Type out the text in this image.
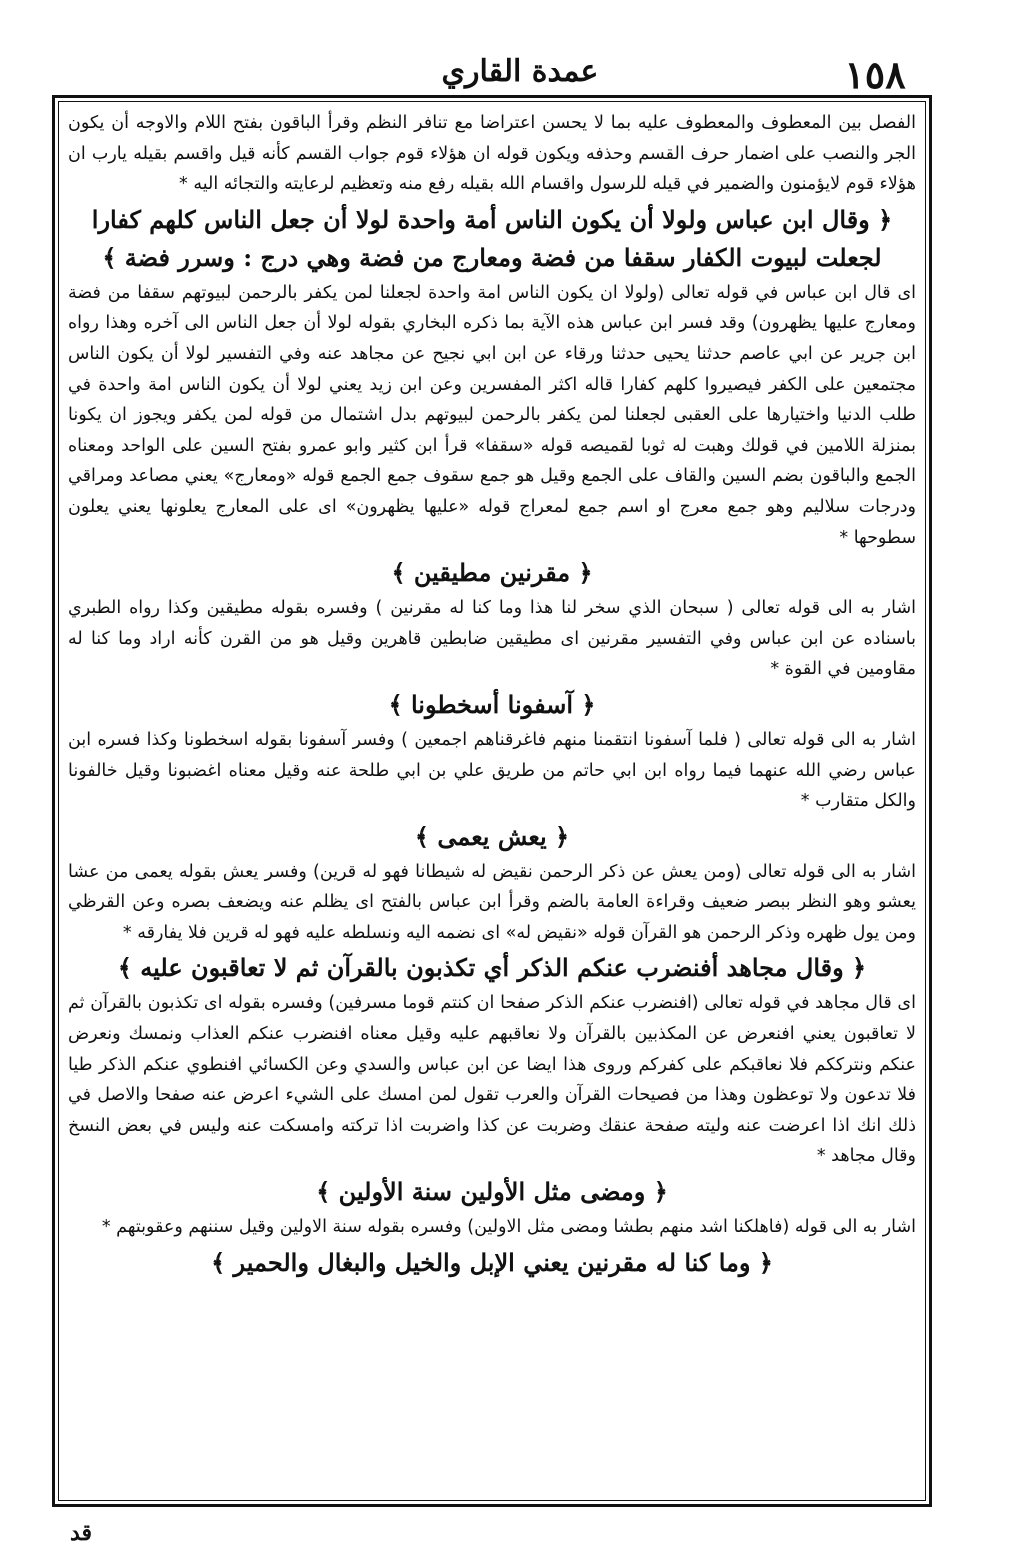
١٥٨
عمدة القاري

الفصل بين المعطوف والمعطوف عليه بما لا يحسن اعتراضا مع تنافر النظم وقرأ الباقون بفتح اللام والاوجه أن يكون الجر والنصب على اضمار حرف القسم وحذفه ويكون قوله ان هؤلاء قوم جواب القسم كأنه قيل واقسم بقيله يارب ان هؤلاء قوم لايؤمنون والضمير في قيله للرسول واقسام الله بقيله رفع منه وتعظيم لرعايته والتجائه اليه *

﴿ وقال ابن عباس ولولا أن يكون الناس أمة واحدة لولا أن جعل الناس كلهم كفارا
لجعلت لبيوت الكفار سقفا من فضة ومعارج من فضة وهي درج : وسرر فضة ﴾

اى قال ابن عباس في قوله تعالى (ولولا ان يكون الناس امة واحدة لجعلنا لمن يكفر بالرحمن لبيوتهم سقفا من فضة ومعارج عليها يظهرون) وقد فسر ابن عباس هذه الآية بما ذكره البخاري بقوله لولا أن جعل الناس الى آخره وهذا رواه ابن جرير عن ابي عاصم حدثنا يحيى حدثنا ورقاء عن ابن ابي نجيح عن مجاهد عنه وفي التفسير لولا أن يكون الناس مجتمعين على الكفر فيصيروا كلهم كفارا قاله اكثر المفسرين وعن ابن زيد يعني لولا أن يكون الناس امة واحدة في طلب الدنيا واختيارها على العقبى لجعلنا لمن يكفر بالرحمن لبيوتهم بدل اشتمال من قوله لمن يكفر ويجوز ان يكونا بمنزلة اللامين في قولك وهبت له ثوبا لقميصه قوله «سقفا» قرأ ابن كثير وابو عمرو بفتح السين على الواحد ومعناه الجمع والباقون بضم السين والقاف على الجمع وقيل هو جمع سقوف جمع الجمع قوله «ومعارج» يعني مصاعد ومراقي ودرجات سلاليم وهو جمع معرج او اسم جمع لمعراج قوله «عليها يظهرون» اى على المعارج يعلونها يعني يعلون سطوحها *

﴿ مقرنين مطيقين ﴾

اشار به الى قوله تعالى ( سبحان الذي سخر لنا هذا وما كنا له مقرنين ) وفسره بقوله مطيقين وكذا رواه الطبري باسناده عن ابن عباس وفي التفسير مقرنين اى مطيقين ضابطين قاهرين وقيل هو من القرن كأنه اراد وما كنا له مقاومين في القوة *

﴿ آسفونا أسخطونا ﴾

اشار به الى قوله تعالى ( فلما آسفونا انتقمنا منهم فاغرقناهم اجمعين ) وفسر آسفونا بقوله اسخطونا وكذا فسره ابن عباس رضي الله عنهما فيما رواه ابن ابي حاتم من طريق علي بن ابي طلحة عنه وقيل معناه اغضبونا وقيل خالفونا والكل متقارب *

﴿ يعش يعمى ﴾

اشار به الى قوله تعالى (ومن يعش عن ذكر الرحمن نقيض له شيطانا فهو له قرين) وفسر يعش بقوله يعمى من عشا يعشو وهو النظر ببصر ضعيف وقراءة العامة بالضم وقرأ ابن عباس بالفتح اى يظلم عنه ويضعف بصره وعن القرظي ومن يول ظهره وذكر الرحمن هو القرآن قوله «نقيض له» اى نضمه اليه ونسلطه عليه فهو له قرين فلا يفارقه *

﴿ وقال مجاهد أفنضرب عنكم الذكر أي تكذبون بالقرآن ثم لا تعاقبون عليه ﴾

اى قال مجاهد في قوله تعالى (افنضرب عنكم الذكر صفحا ان كنتم قوما مسرفين) وفسره بقوله اى تكذبون بالقرآن ثم لا تعاقبون يعني افنعرض عن المكذبين بالقرآن ولا نعاقبهم عليه وقيل معناه افنضرب عنكم العذاب ونمسك ونعرض عنكم ونترككم فلا نعاقبكم على كفركم وروى هذا ايضا عن ابن عباس والسدي وعن الكسائي افنطوي عنكم الذكر طيا فلا تدعون ولا توعظون وهذا من فصيحات القرآن والعرب تقول لمن امسك على الشيء اعرض عنه صفحا والاصل في ذلك انك اذا اعرضت عنه وليته صفحة عنقك وضربت عن كذا واضربت اذا تركته وامسكت عنه وليس في بعض النسخ وقال مجاهد *

﴿ ومضى مثل الأولين سنة الأولين ﴾

اشار به الى قوله (فاهلكنا اشد منهم بطشا ومضى مثل الاولين) وفسره بقوله سنة الاولين وقيل سننهم وعقوبتهم *

﴿ وما كنا له مقرنين يعني الإبل والخيل والبغال والحمير ﴾
قد
